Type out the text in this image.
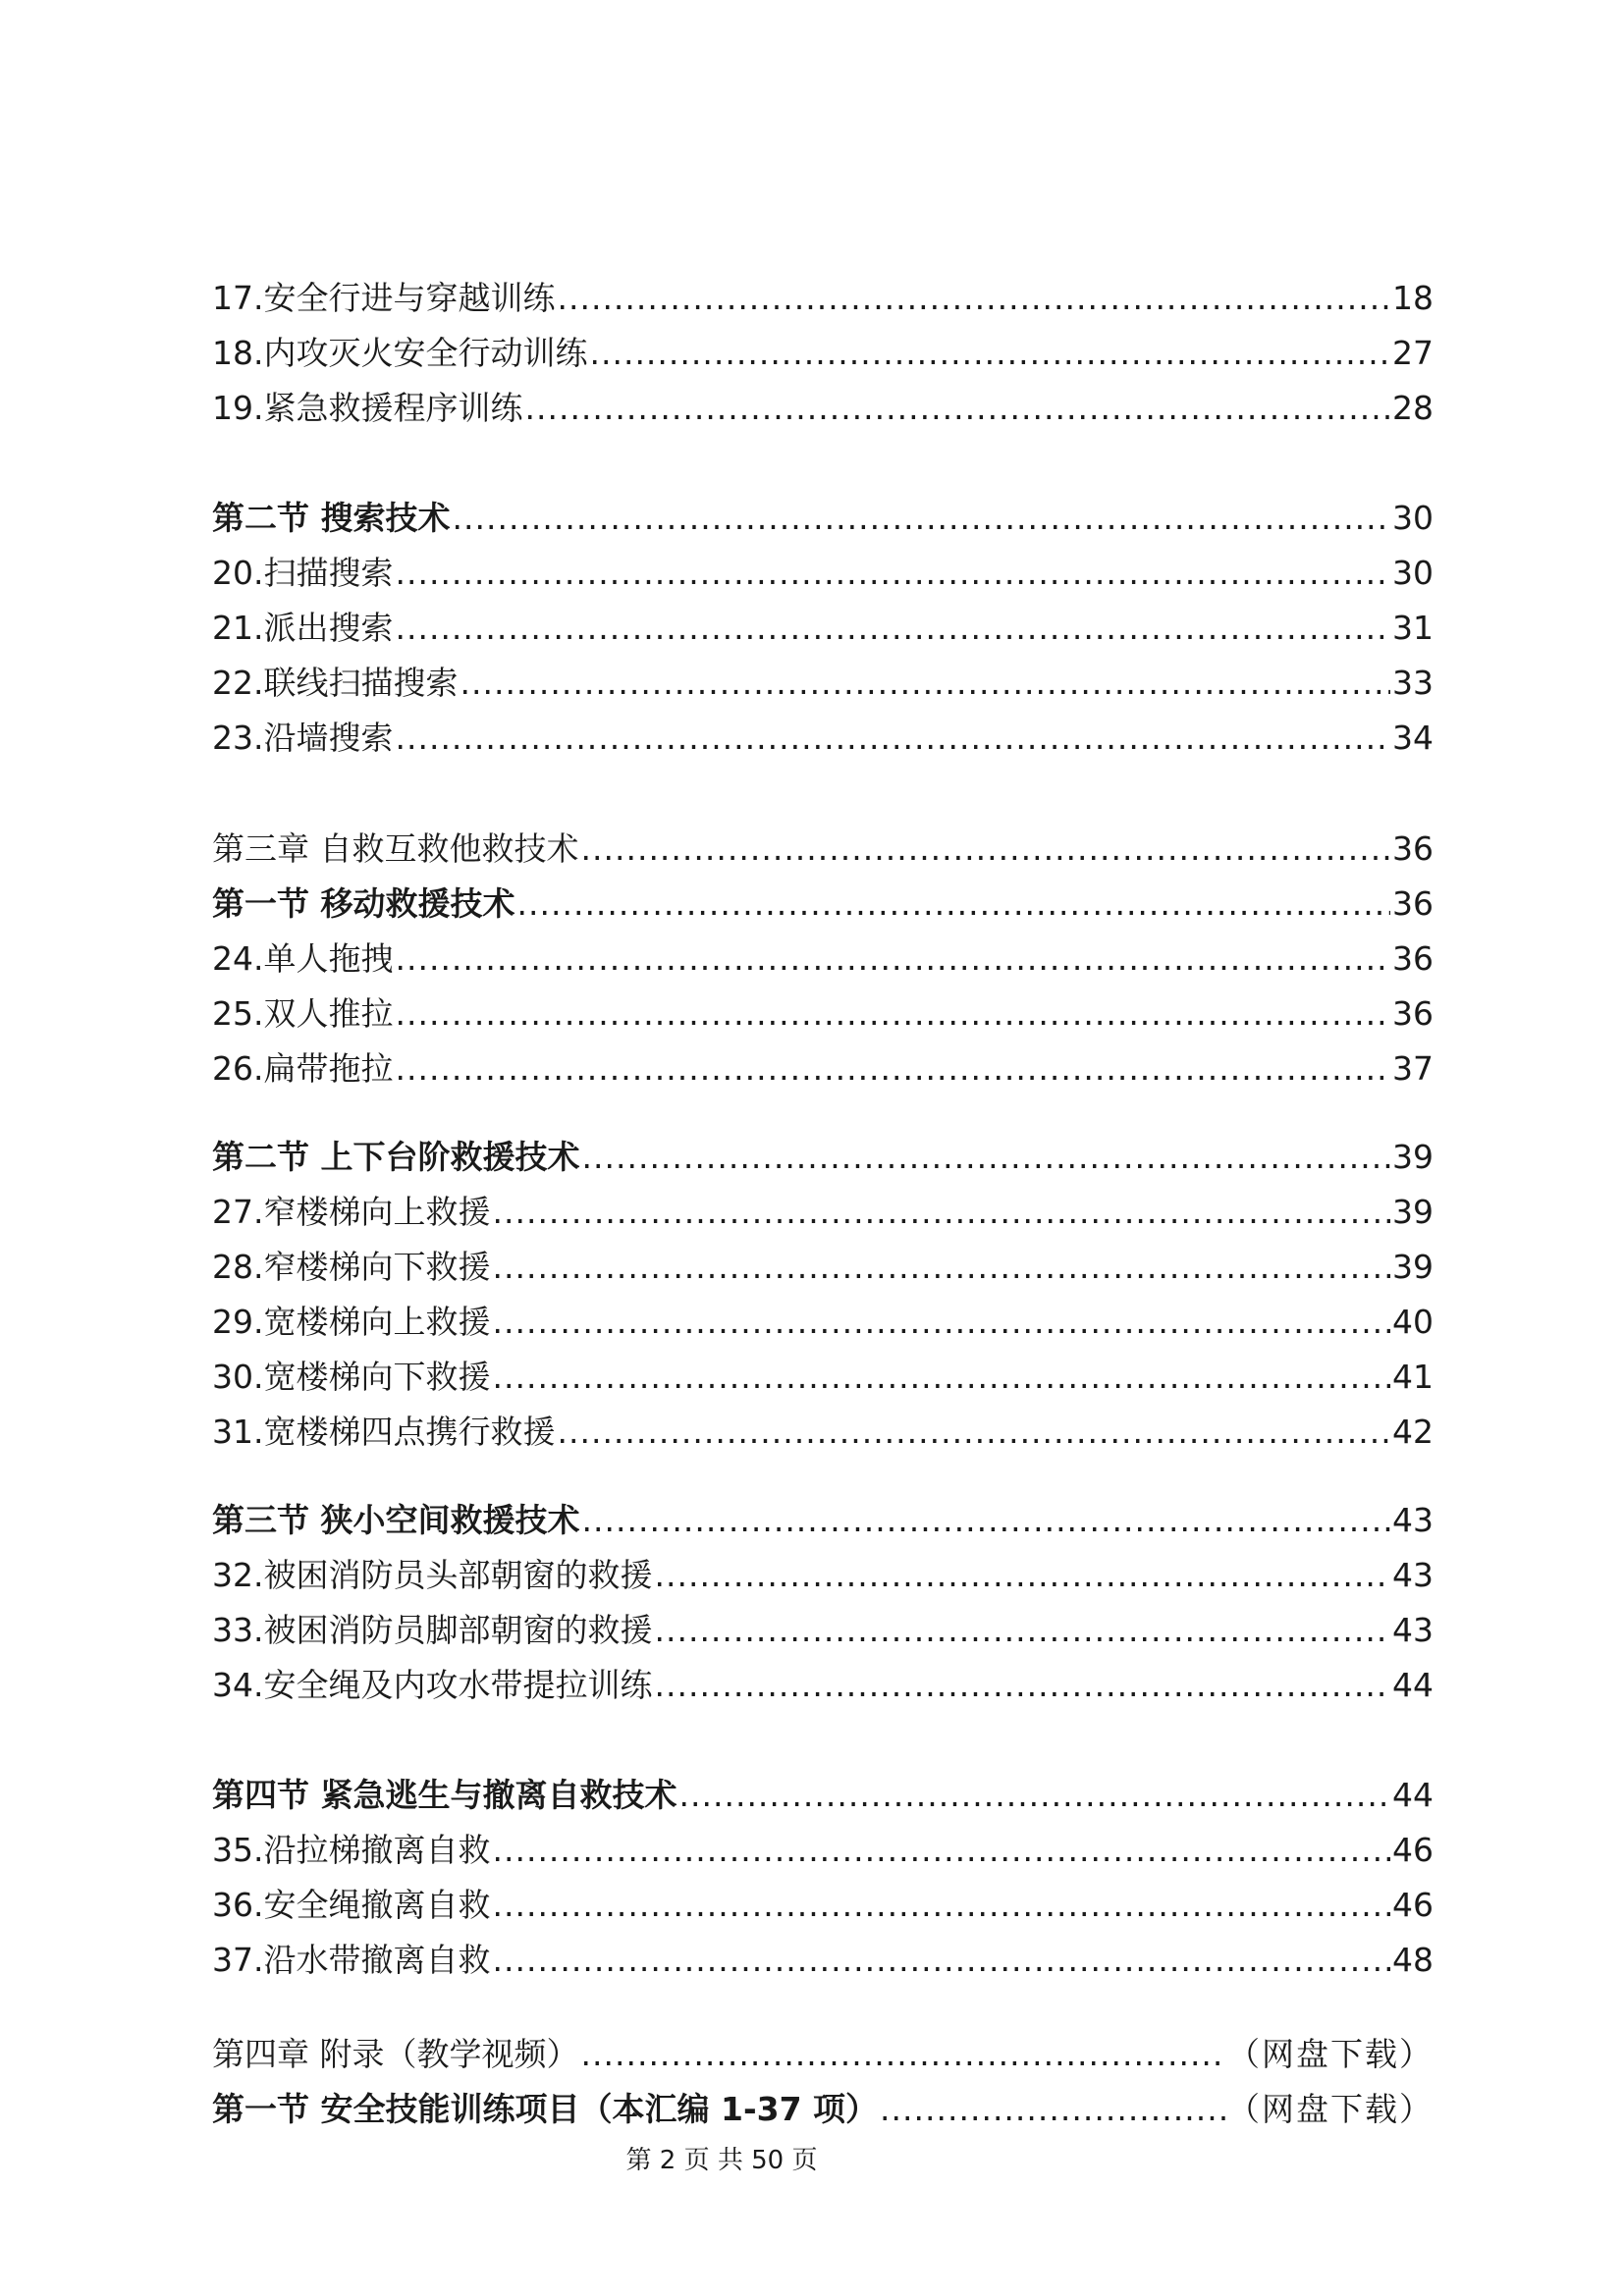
17.安全行进与穿越训练 .....	18
18.内攻灭火安全行动训练 .....	27
19.紧急救援程序训练 .....	28
第二节 搜索技术 .....	30
20.扫描搜索 .....	30
21.派出搜索 .....	31
22.联线扫描搜索 .....	33
23.沿墙搜索 .....	34
第三章 自救互救他救技术 .....	36
第一节 移动救援技术 .....	36
24.单人拖拽 .....	36
25.双人推拉 .....	36
26.扁带拖拉 .....	37
第二节 上下台阶救援技术 .....	39
27.窄楼梯向上救援 .....	39
28.窄楼梯向下救援 .....	39
29.宽楼梯向上救援 .....	40
30.宽楼梯向下救援 .....	41
31.宽楼梯四点携行救援 .....	42
第三节 狭小空间救援技术 .....	43
32.被困消防员头部朝窗的救援 .....	43
33.被困消防员脚部朝窗的救援 .....	43
34.安全绳及内攻水带提拉训练 .....	44
第四节 紧急逃生与撤离自救技术 .....	44
35.沿拉梯撤离自救 .....	46
36.安全绳撤离自救 .....	46
37.沿水带撤离自救 .....	48
第四章 附录（教学视频） .....	（网盘下载）
第一节 安全技能训练项目（本汇编 1-37 项） .....	（网盘下载）
第 2 页 共 50 页
